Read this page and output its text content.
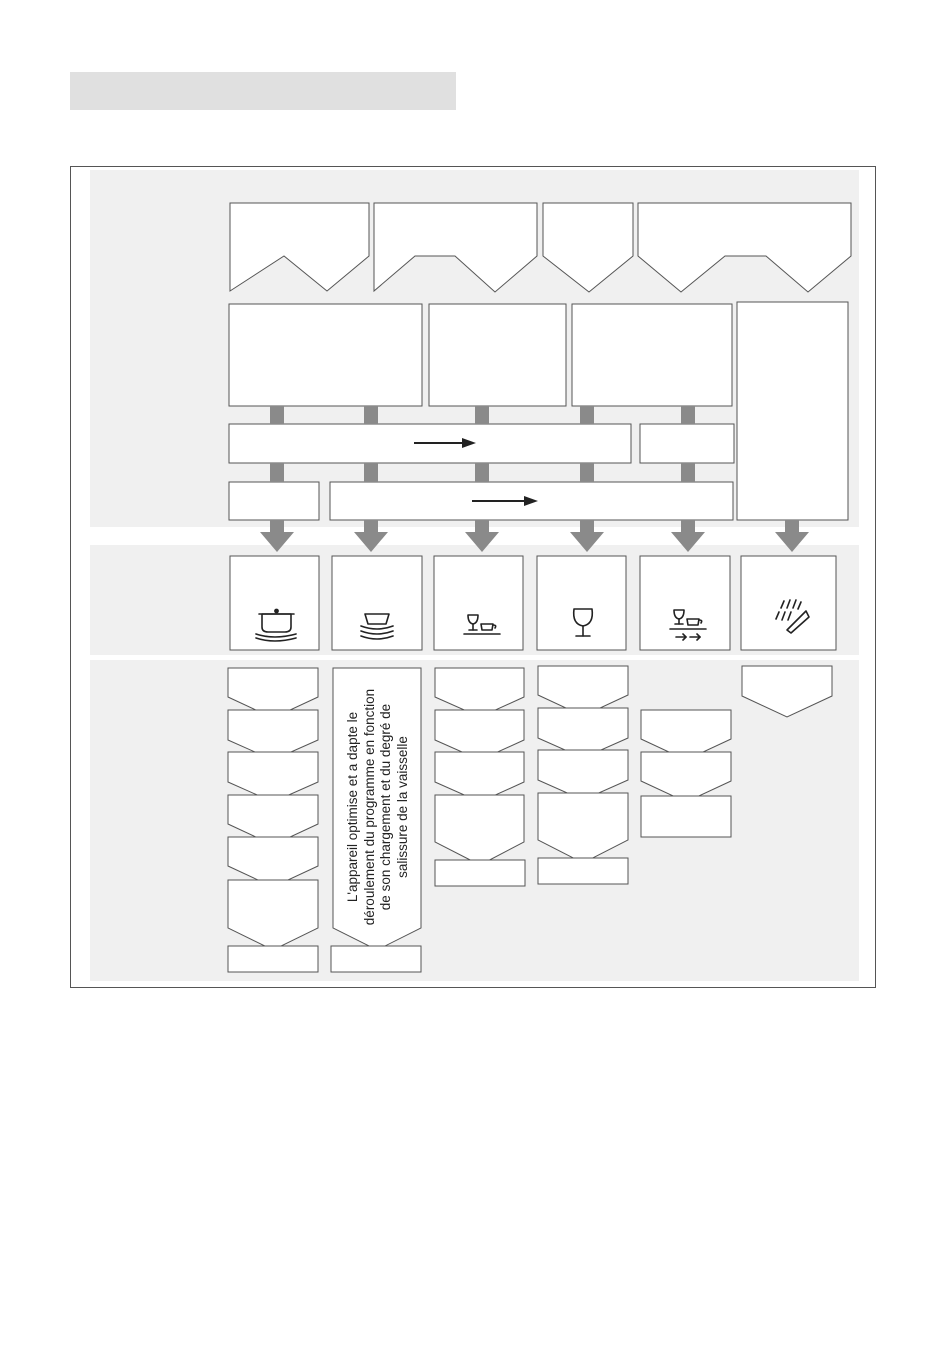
L'appareil optimise et a dapte le déroulement du programme en fonction de son chargement et du degré de salissure de la vaisselle
